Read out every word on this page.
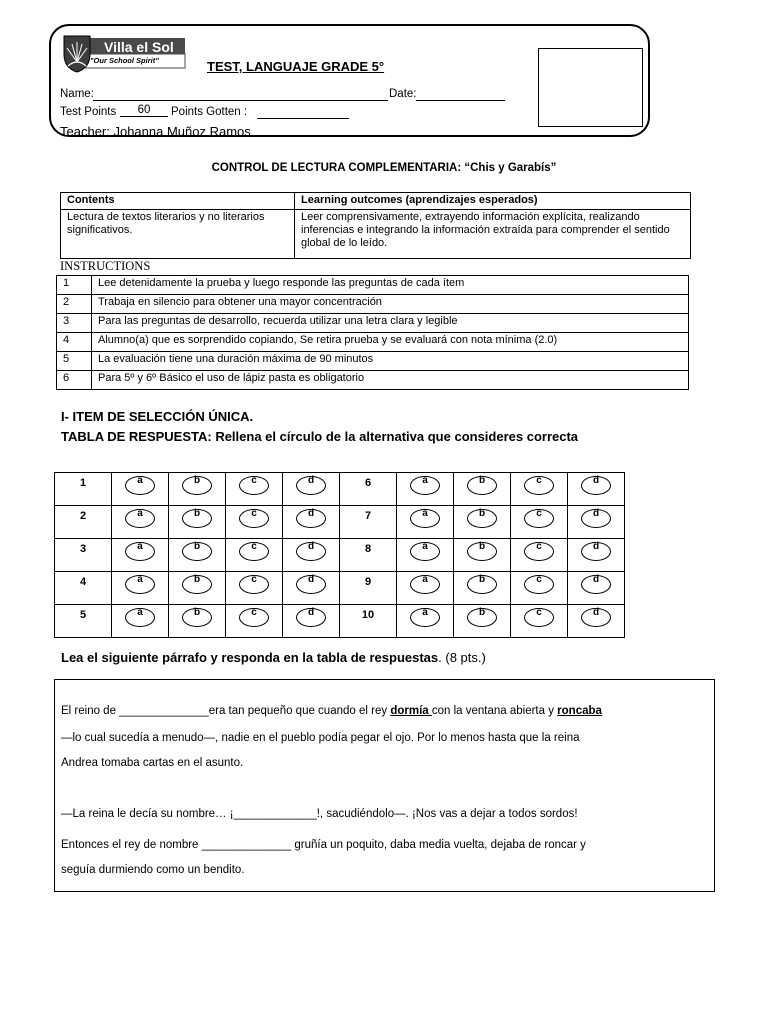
Villa el Sol
"Our School Spirit"	TEST, LANGUAJE GRADE 5°
Name:	Date:
Test Points	60	Points Gotten :
Teacher: Johanna Muñoz Ramos
CONTROL DE LECTURA COMPLEMENTARIA: “Chis y Garabís”
Contents	Learning outcomes (aprendizajes esperados)
Lectura de textos literarios y no literarios significativos.	Leer comprensivamente, extrayendo información explícita, realizando inferencias e integrando la información extraída para comprender el sentido global de lo leído.
INSTRUCTIONS
1	Lee detenidamente la prueba y luego responde las preguntas de cada ítem
2	Trabaja en silencio para obtener una mayor concentración
3	Para las preguntas de desarrollo, recuerda utilizar una letra clara y legible
4	Alumno(a) que es sorprendido copiando, Se retira prueba y se evaluará con nota mínima (2.0)
5	La evaluación tiene una duración máxima de 90 minutos
6	Para 5º y 6º Básico el uso de lápiz pasta es obligatorio
I- ITEM DE SELECCIÓN ÚNICA.
TABLA DE RESPUESTA: Rellena el círculo de la alternativa que consideres correcta
1	a	b	c	d	6	a	b	c	d

2	a	b	c	d	7	a	b	c	d

3	a	b	c	d	8	a	b	c	d

4	a	b	c	d	9	a	b	c	d

5	a	b	c	d	10	a	b	c	d
Lea el siguiente párrafo y responda en la tabla de respuestas. (8 pts.)
El reino de ______________era tan pequeño que cuando el rey dormía con la ventana abierta y roncaba
—lo cual sucedía a menudo—, nadie en el pueblo podía pegar el ojo. Por lo menos hasta que la reina
Andrea tomaba cartas en el asunto.
—La reina le decía su nombre… ¡_____________!, sacudiéndolo—. ¡Nos vas a dejar a todos sordos!
Entonces el rey de nombre ______________ gruñía un poquito, daba media vuelta, dejaba de roncar y
seguía durmiendo como un bendito.
